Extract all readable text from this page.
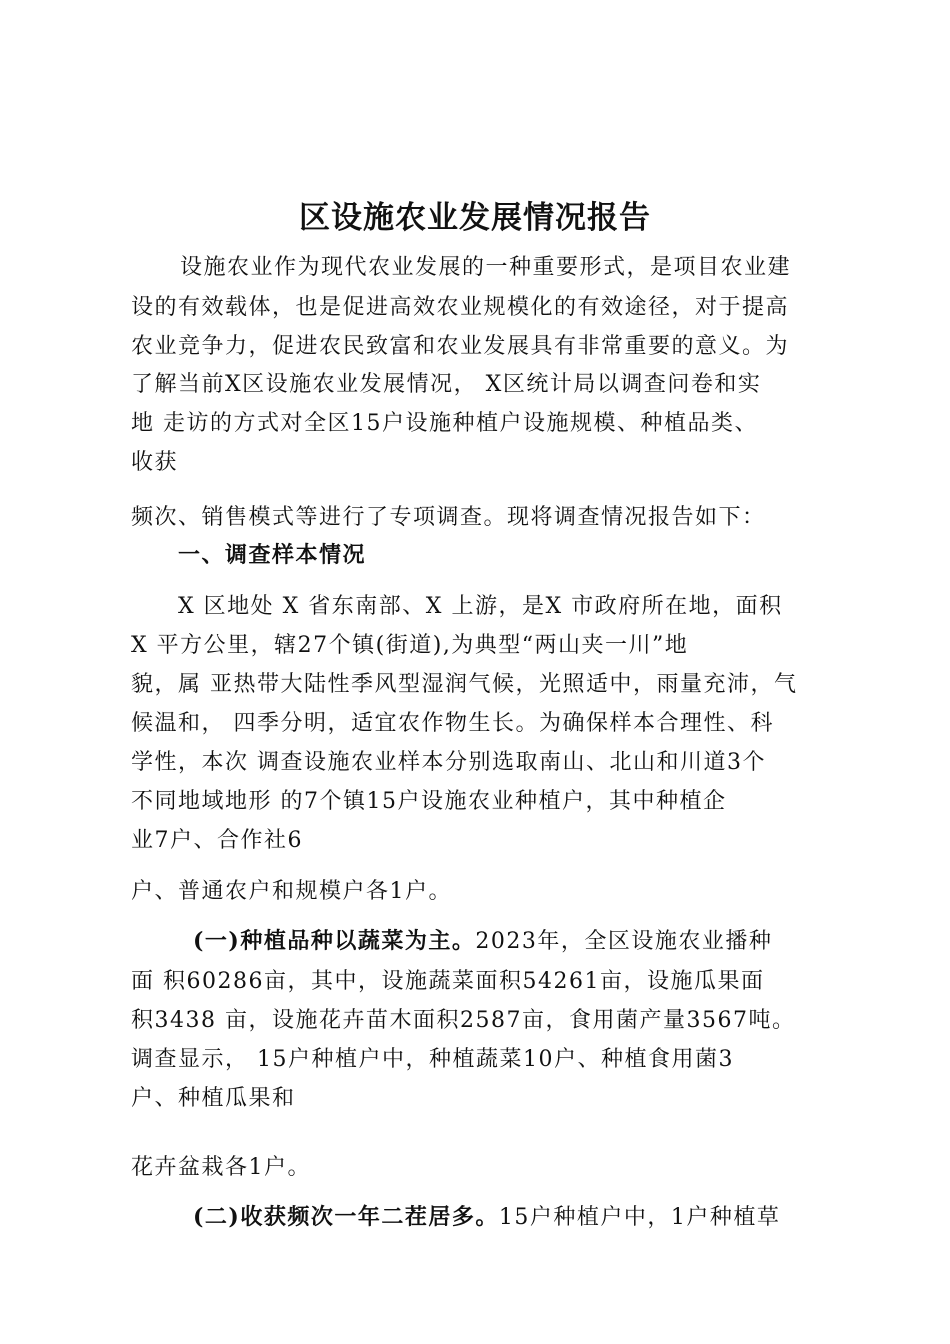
区设施农业发展情况报告

设施农业作为现代农业发展的一种重要形式，是项目农业建

设的有效载体，也是促进高效农业规模化的有效途径，对于提高

农业竞争力，促进农民致富和农业发展具有非常重要的意义。为

了解当前X区设施农业发展情况， X区统计局以调查问卷和实

地 走访的方式对全区15户设施种植户设施规模、种植品类、

收获

频次、销售模式等进行了专项调查。现将调查情况报告如下：

一、调查样本情况

X 区地处 X 省东南部、X 上游，是X 市政府所在地，面积

X 平方公里，辖27个镇(街道),为典型“两山夹一川”地

貌，属 亚热带大陆性季风型湿润气候，光照适中，雨量充沛，气

候温和， 四季分明，适宜农作物生长。为确保样本合理性、科

学性，本次 调查设施农业样本分别选取南山、北山和川道3个

不同地域地形 的7个镇15户设施农业种植户，其中种植企

业7户、合作社6

户、普通农户和规模户各1户。

(一)种植品种以蔬菜为主。2023年，全区设施农业播种

面 积60286亩，其中，设施蔬菜面积54261亩，设施瓜果面

积3438 亩，设施花卉苗木面积2587亩，食用菌产量3567吨。

调查显示， 15户种植户中，种植蔬菜10户、种植食用菌3

户、种植瓜果和

花卉盆栽各1户。

(二)收获频次一年二茬居多。15户种植户中，1户种植草
